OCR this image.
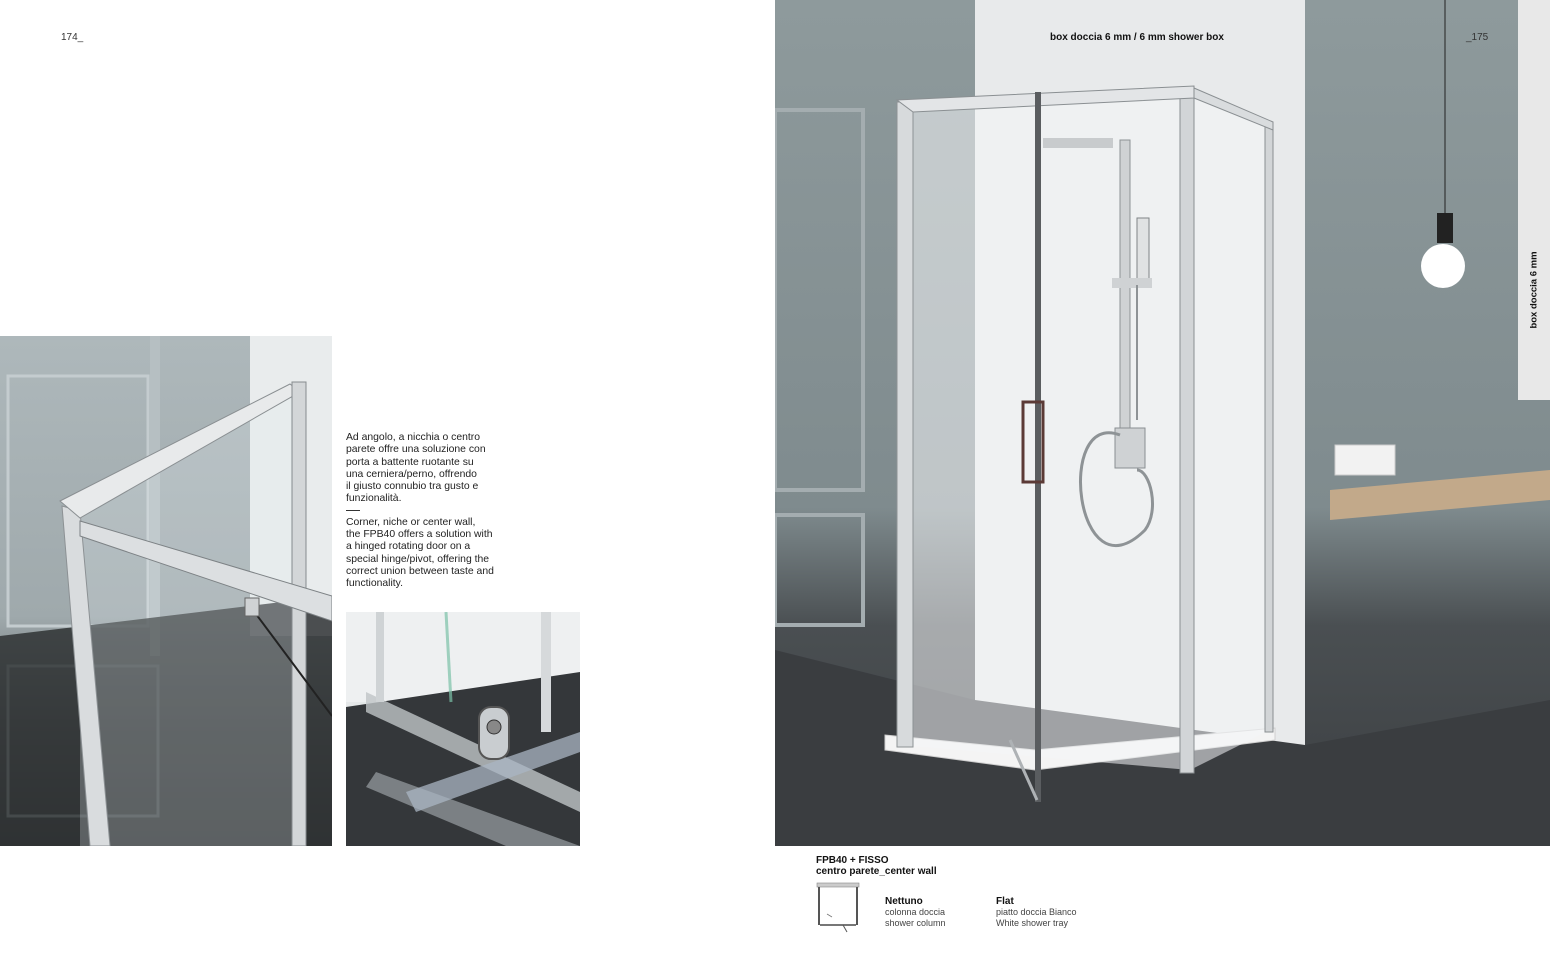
174_
Ad angolo, a nicchia o centro
parete offre una soluzione con
porta a battente ruotante su
una cerniera/perno, offrendo
il giusto connubio tra gusto e
funzionalità.
Corner, niche or center wall,
the FPB40 offers a solution with
a hinged rotating door on a
special hinge/pivot, offering the
correct union between taste and
functionality.
box doccia 6 mm / 6 mm shower box	_175
box doccia 6 mm
FPB40 + FISSO
centro parete_center wall
Nettuno
colonna doccia
shower column
Flat
piatto doccia Bianco
White shower tray
